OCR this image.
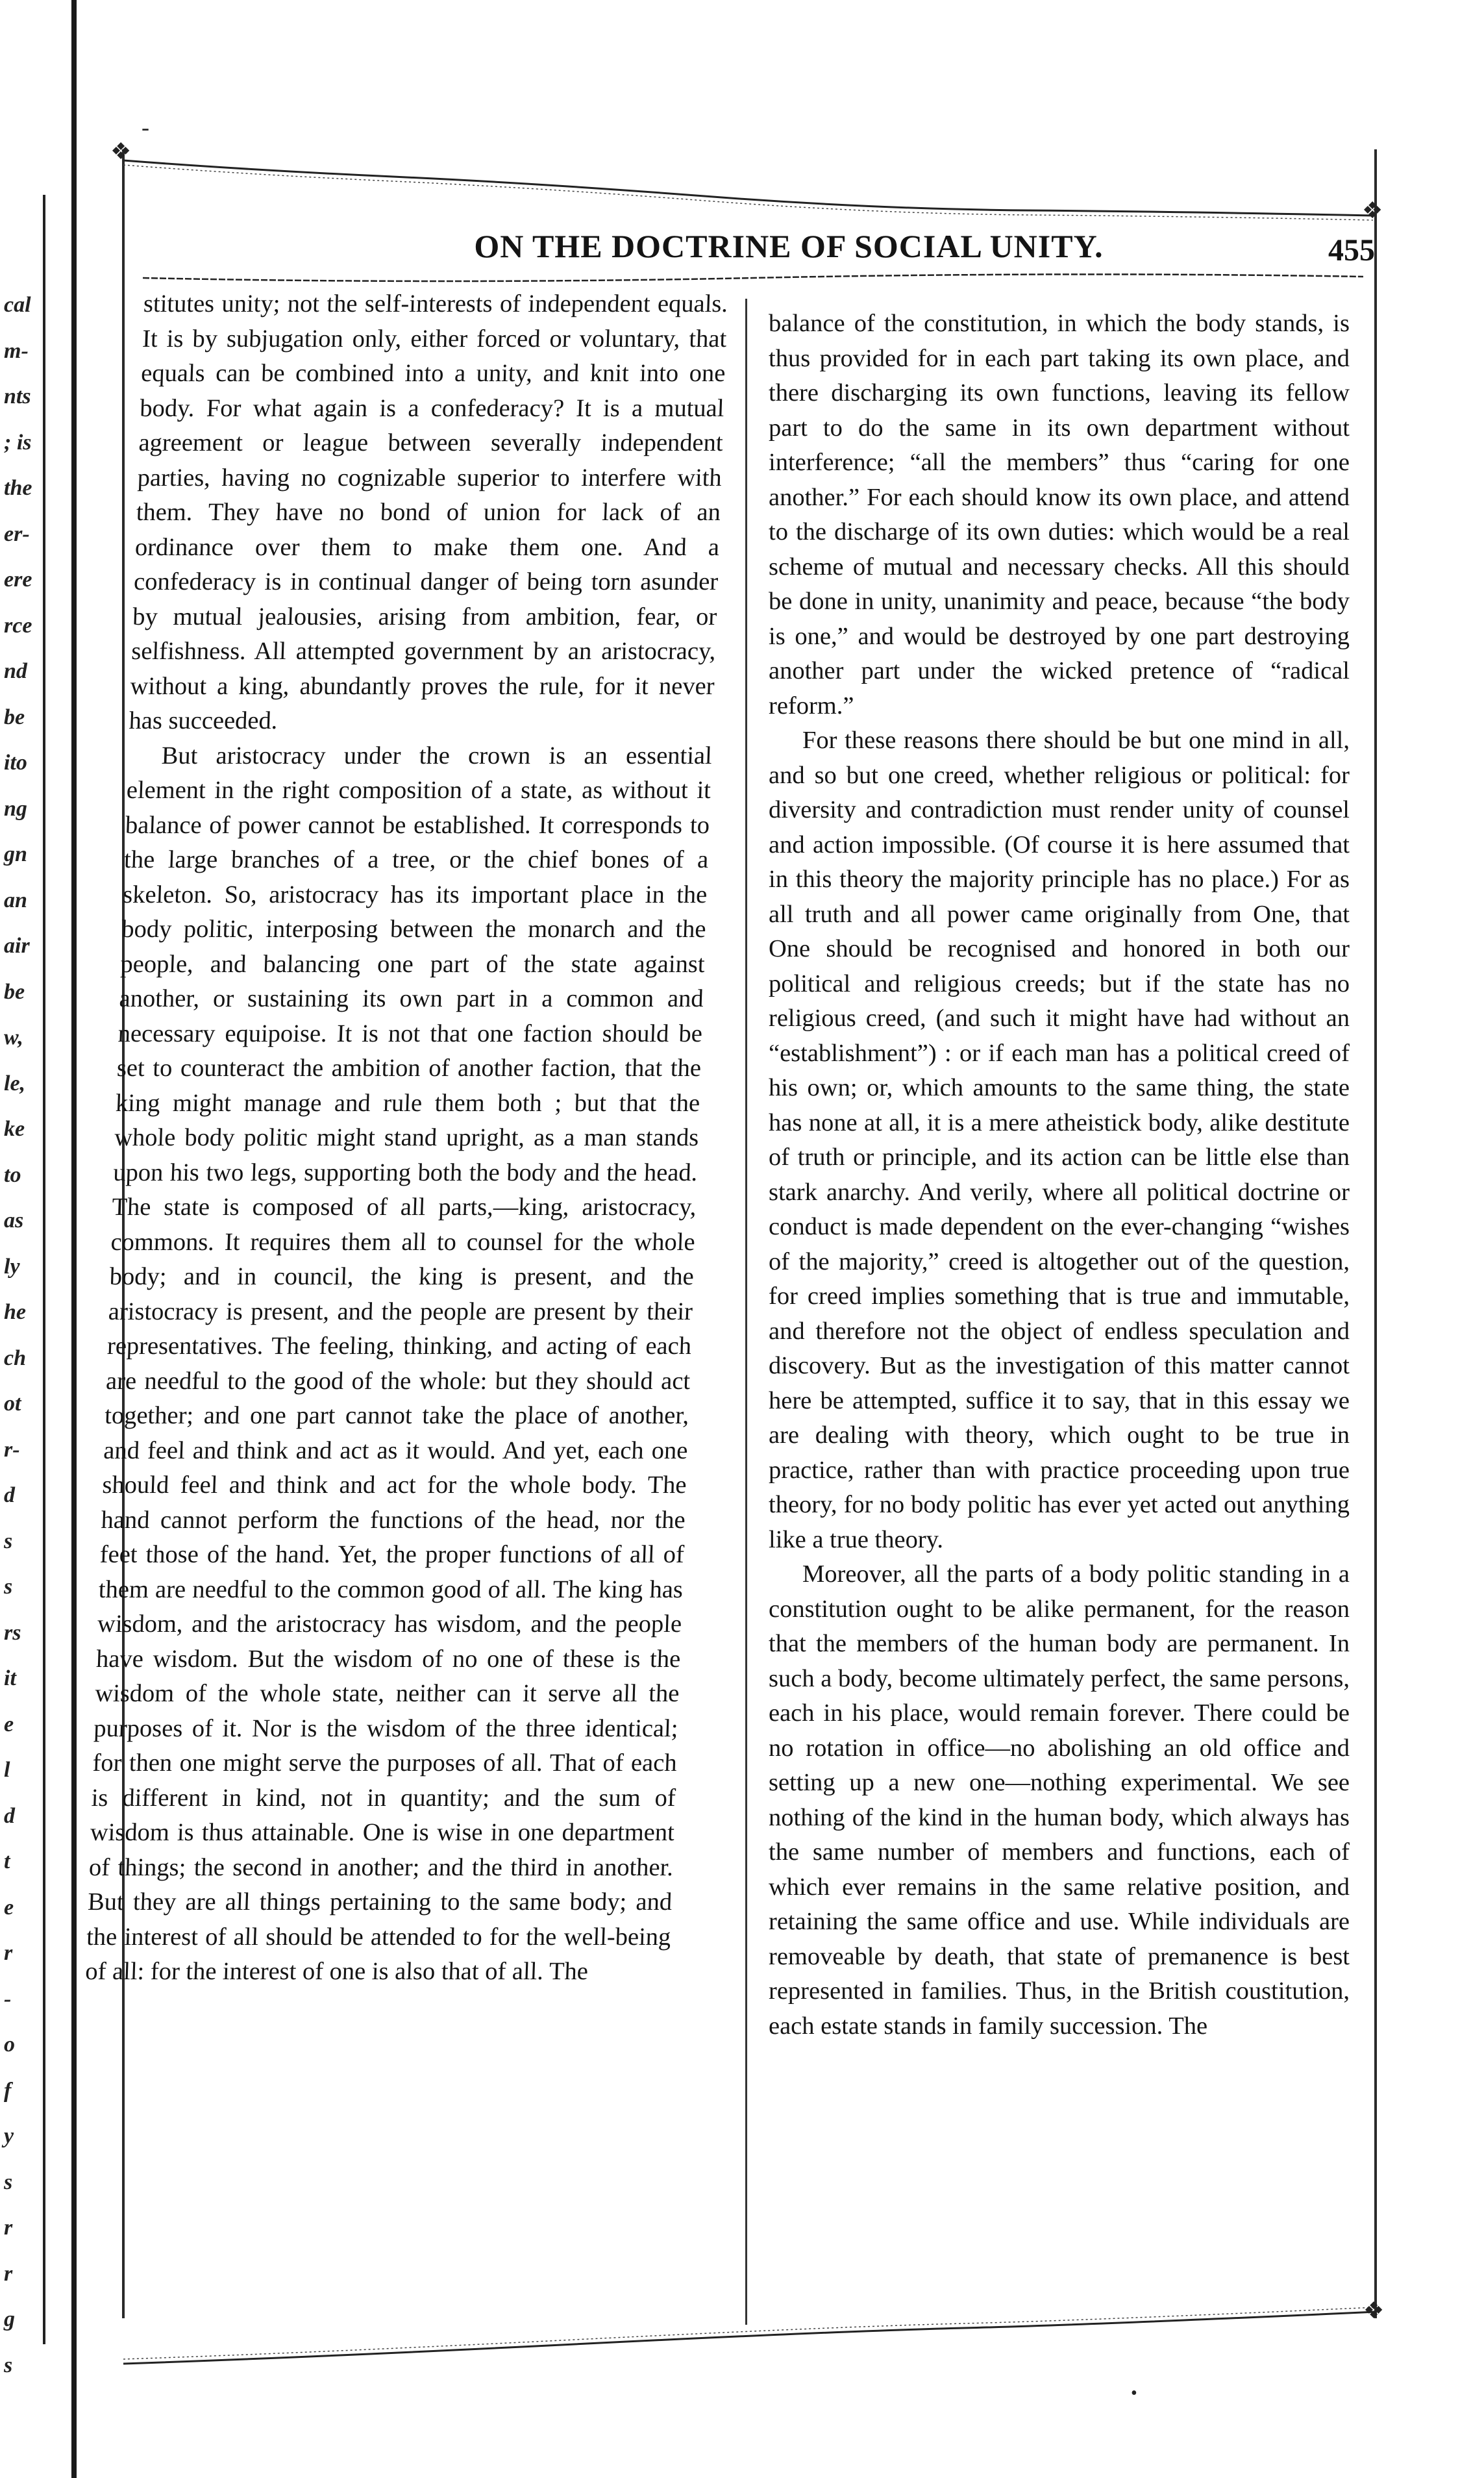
cal
m-
nts
; is
the
er-
ere
rce
nd
be
ito
ng
gn
an
air
be
w,
le,
ke
to
as
ly
he
ch
ot
r-
d
s
s
rs
it
e
l
d
t
e
r
-
o
f
y
s
r
r
g
s
❖
❖
❖
-
•
ON THE DOCTRINE OF SOCIAL UNITY.	455

stitutes unity; not the self-interests of independent equals. It is by subjugation only, either forced or voluntary, that equals can be combined into a unity, and knit into one body. For what again is a confederacy? It is a mutual agreement or league between severally independent parties, having no cognizable superior to interfere with them. They have no bond of union for lack of an ordinance over them to make them one. And a confederacy is in continual danger of being torn asunder by mutual jealousies, arising from ambition, fear, or selfishness. All attempted government by an aristocracy, without a king, abundantly proves the rule, for it never has succeeded.

But aristocracy under the crown is an essential element in the right composition of a state, as without it balance of power cannot be established. It corresponds to the large branches of a tree, or the chief bones of a skeleton. So, aristocracy has its important place in the body politic, interposing between the monarch and the people, and balancing one part of the state against another, or sustaining its own part in a common and necessary equipoise. It is not that one faction should be set to counteract the ambition of another faction, that the king might manage and rule them both ; but that the whole body politic might stand upright, as a man stands upon his two legs, supporting both the body and the head. The state is composed of all parts,—king, aristocracy, commons. It requires them all to counsel for the whole body; and in council, the king is present, and the aristocracy is present, and the people are present by their representatives. The feeling, thinking, and acting of each are needful to the good of the whole: but they should act together; and one part cannot take the place of another, and feel and think and act as it would. And yet, each one should feel and think and act for the whole body. The hand cannot perform the functions of the head, nor the feet those of the hand. Yet, the proper functions of all of them are needful to the common good of all. The king has wisdom, and the aristocracy has wisdom, and the people have wisdom. But the wisdom of no one of these is the wisdom of the whole state, neither can it serve all the purposes of it. Nor is the wisdom of the three identical; for then one might serve the purposes of all. That of each is different in kind, not in quantity; and the sum of wisdom is thus attainable. One is wise in one department of things; the second in another; and the third in another. But they are all things pertaining to the same body; and the interest of all should be attended to for the well-being of all: for the interest of one is also that of all. The

balance of the constitution, in which the body stands, is thus provided for in each part taking its own place, and there discharging its own functions, leaving its fellow part to do the same in its own department without interference; “all the members” thus “caring for one another.” For each should know its own place, and attend to the discharge of its own duties: which would be a real scheme of mutual and necessary checks. All this should be done in unity, unanimity and peace, because “the body is one,” and would be destroyed by one part destroying another part under the wicked pretence of “radical reform.”

For these reasons there should be but one mind in all, and so but one creed, whether religious or political: for diversity and contradiction must render unity of counsel and action impossible. (Of course it is here assumed that in this theory the majority principle has no place.) For as all truth and all power came originally from One, that One should be recognised and honored in both our political and religious creeds; but if the state has no religious creed, (and such it might have had without an “establishment”) : or if each man has a political creed of his own; or, which amounts to the same thing, the state has none at all, it is a mere atheistick body, alike destitute of truth or principle, and its action can be little else than stark anarchy. And verily, where all political doctrine or conduct is made dependent on the ever-changing “wishes of the majority,” creed is altogether out of the question, for creed implies something that is true and immutable, and therefore not the object of endless speculation and discovery. But as the investigation of this matter cannot here be attempted, suffice it to say, that in this essay we are dealing with theory, which ought to be true in practice, rather than with practice proceeding upon true theory, for no body politic has ever yet acted out anything like a true theory.

Moreover, all the parts of a body politic standing in a constitution ought to be alike permanent, for the reason that the members of the human body are permanent. In such a body, become ultimately perfect, the same persons, each in his place, would remain forever. There could be no rotation in office—no abolishing an old office and setting up a new one—nothing experimental. We see nothing of the kind in the human body, which always has the same number of members and functions, each of which ever remains in the same relative position, and retaining the same office and use. While individuals are removeable by death, that state of premanence is best represented in families. Thus, in the British coustitution, each estate stands in family succession. The
